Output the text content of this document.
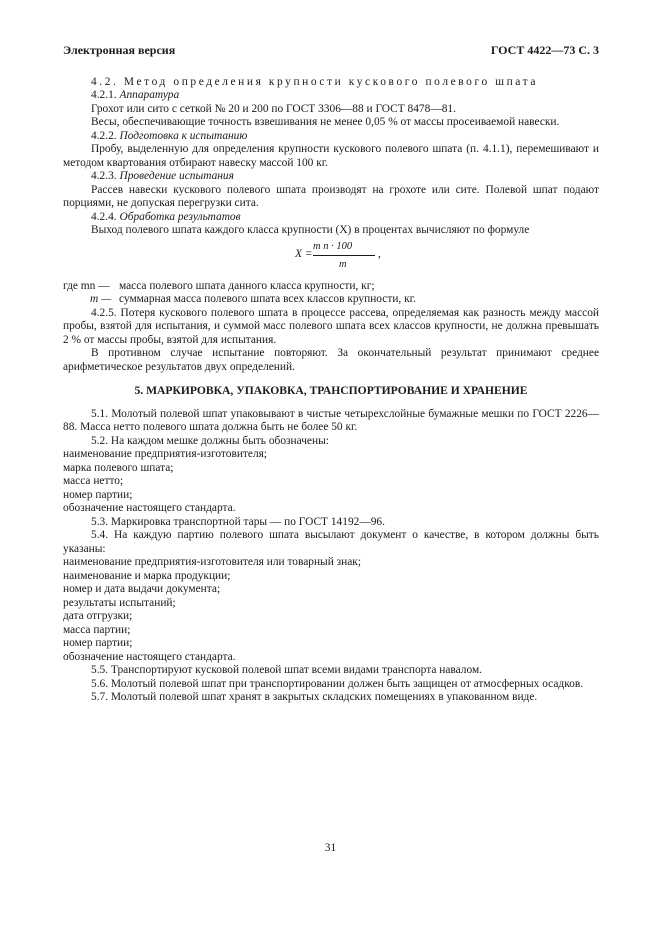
Электронная версия	ГОСТ 4422—73 С. 3
4.2. Метод определения крупности кускового полевого шпата
4.2.1. Аппаратура
Грохот или сито с сеткой № 20 и 200 по ГОСТ 3306—88 и ГОСТ 8478—81.
Весы, обеспечивающие точность взвешивания не менее 0,05 % от массы просеиваемой навески.
4.2.2. Подготовка к испытанию
Пробу, выделенную для определения крупности кускового полевого шпата (п. 4.1.1), перемешивают и методом квартования отбирают навеску массой 100 кг.
4.2.3. Проведение испытания
Рассев навески кускового полевого шпата производят на грохоте или сите. Полевой шпат подают порциями, не допуская перегрузки сита.
4.2.4. Обработка результатов
Выход полевого шпата каждого класса крупности (X) в процентах вычисляют по формуле
X =
m n · 100
m
,
где mn — масса полевого шпата данного класса крупности, кг;
m — суммарная масса полевого шпата всех классов крупности, кг.
4.2.5. Потеря кускового полевого шпата в процессе рассева, определяемая как разность между массой пробы, взятой для испытания, и суммой масс полевого шпата всех классов крупности, не должна превышать 2 % от массы пробы, взятой для испытания.
В противном случае испытание повторяют. За окончательный результат принимают среднее арифметическое результатов двух определений.
5. МАРКИРОВКА, УПАКОВКА, ТРАНСПОРТИРОВАНИЕ И ХРАНЕНИЕ
5.1. Молотый полевой шпат упаковывают в чистые четырехслойные бумажные мешки по ГОСТ 2226—88. Масса нетто полевого шпата должна быть не более 50 кг.
5.2. На каждом мешке должны быть обозначены:
наименование предприятия-изготовителя;
марка полевого шпата;
масса нетто;
номер партии;
обозначение настоящего стандарта.
5.3. Маркировка транспортной тары — по ГОСТ 14192—96.
5.4. На каждую партию полевого шпата высылают документ о качестве, в котором должны быть указаны:
наименование предприятия-изготовителя или товарный знак;
наименование и марка продукции;
номер и дата выдачи документа;
результаты испытаний;
дата отгрузки;
масса партии;
номер партии;
обозначение настоящего стандарта.
5.5. Транспортируют кусковой полевой шпат всеми видами транспорта навалом.
5.6. Молотый полевой шпат при транспортировании должен быть защищен от атмосферных осадков.
5.7. Молотый полевой шпат хранят в закрытых складских помещениях в упакованном виде.
31
